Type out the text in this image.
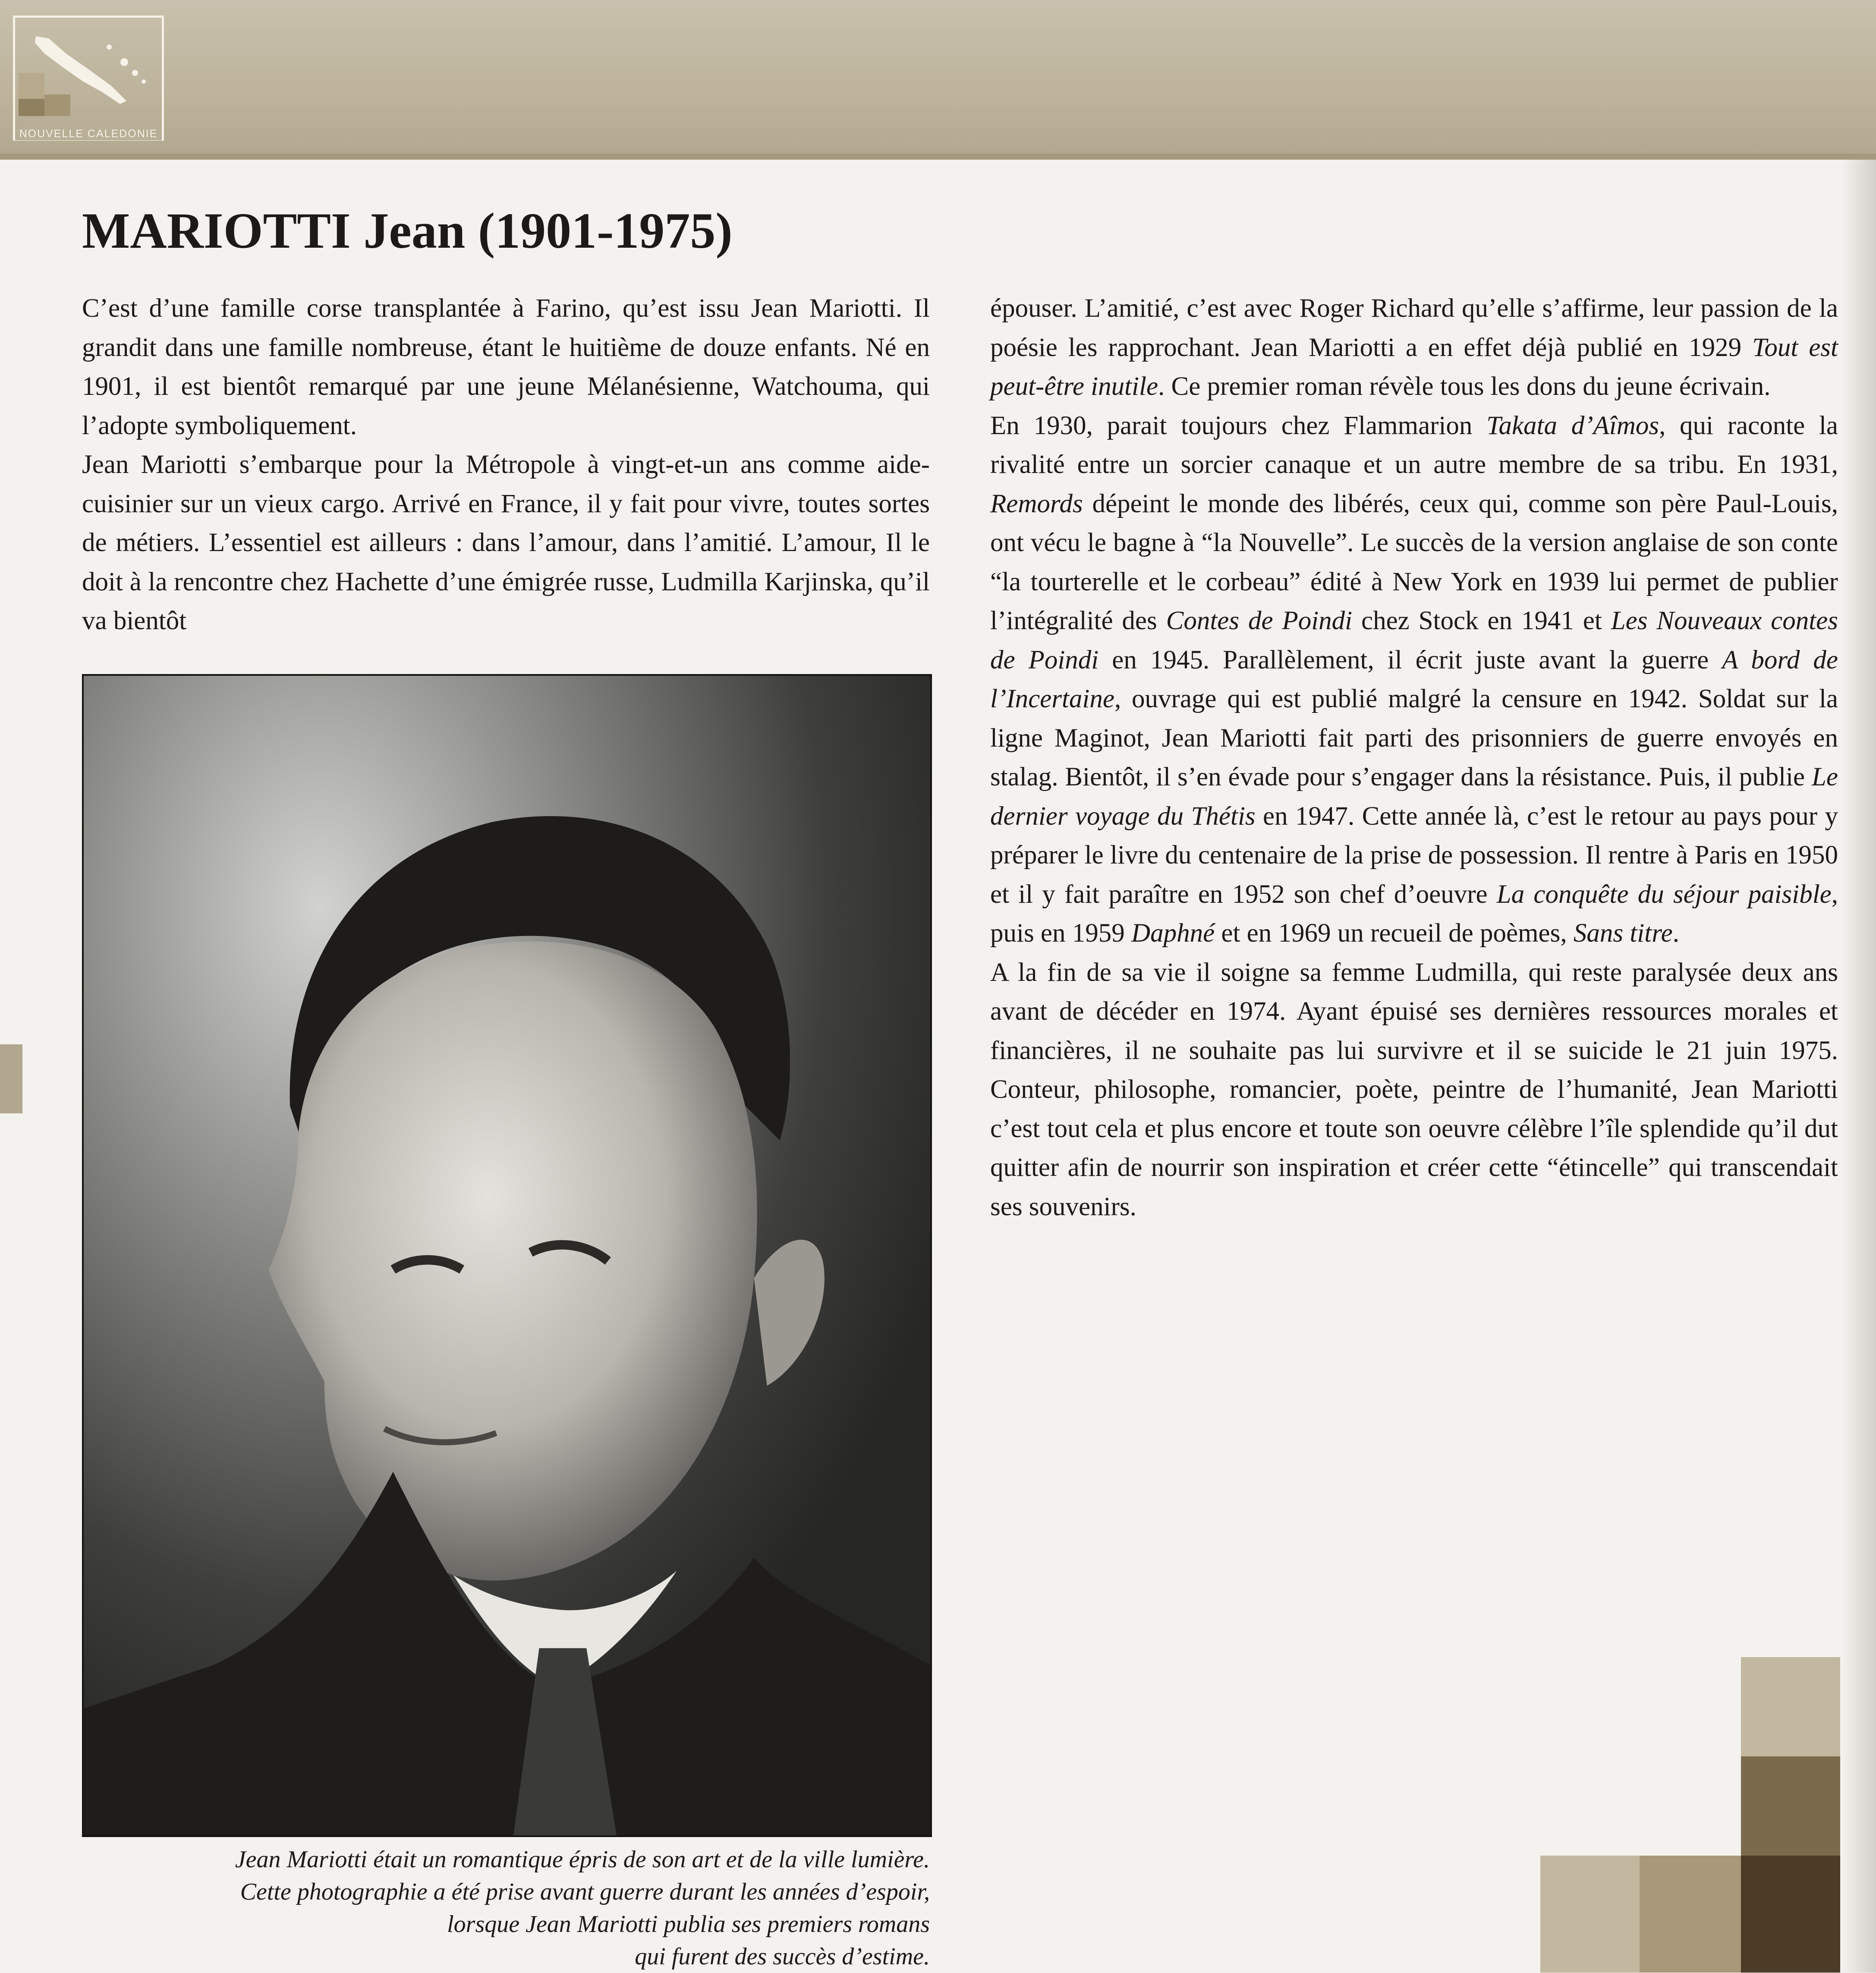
NOUVELLE CALEDONIE
MARIOTTI Jean (1901-1975)

C’est d’une famille corse transplantée à Farino, qu’est issu Jean Mariotti. Il grandit dans une famille nombreuse, étant le huitième de douze enfants. Né en 1901, il est bientôt remarqué par une jeune Mélanésienne, Watchouma, qui l’adopte symboliquement.

Jean Mariotti s’embarque pour la Métropole à vingt-et-un ans comme aide-cuisinier sur un vieux cargo. Arrivé en France, il y fait pour vivre, toutes sortes de métiers. L’essentiel est ailleurs : dans l’amour, dans l’amitié. L’amour, Il le doit à la rencontre chez Hachette d’une émigrée russe, Ludmilla Karjinska, qu’il va bientôt

Jean Mariotti était un romantique épris de son art et de la ville lumière.
Cette photographie a été prise avant guerre durant les années d’espoir,
lorsque Jean Mariotti publia ses premiers romans
qui furent des succès d’estime.

épouser. L’amitié, c’est avec Roger Richard qu’elle s’affirme, leur passion de la poésie les rapprochant. Jean Mariotti a en effet déjà publié en 1929 Tout est peut-être inutile. Ce premier roman révèle tous les dons du jeune écrivain.

En 1930, parait toujours chez Flammarion Takata d’Aîmos, qui raconte la rivalité entre un sorcier canaque et un autre membre de sa tribu. En 1931, Remords dépeint le monde des libérés, ceux qui, comme son père Paul-Louis, ont vécu le bagne à “la Nouvelle”. Le succès de la version anglaise de son conte “la tourterelle et le corbeau” édité à New York en 1939 lui permet de publier l’intégralité des Contes de Poindi chez Stock en 1941 et Les Nouveaux contes de Poindi en 1945. Parallèlement, il écrit juste avant la guerre A bord de l’Incertaine, ouvrage qui est publié malgré la censure en 1942. Soldat sur la ligne Maginot, Jean Mariotti fait parti des prisonniers de guerre envoyés en stalag. Bientôt, il s’en évade pour s’engager dans la résistance. Puis, il publie Le dernier voyage du Thétis en 1947. Cette année là, c’est le retour au pays pour y préparer le livre du centenaire de la prise de possession. Il rentre à Paris en 1950 et il y fait paraître en 1952 son chef d’oeuvre La conquête du séjour paisible, puis en 1959 Daphné et en 1969 un recueil de poèmes, Sans titre.

A la fin de sa vie il soigne sa femme Ludmilla, qui reste paralysée deux ans avant de décéder en 1974. Ayant épuisé ses dernières ressources morales et financières, il ne souhaite pas lui survivre et il se suicide le 21 juin 1975. Conteur, philosophe, romancier, poète, peintre de l’humanité, Jean Mariotti c’est tout cela et plus encore et toute son oeuvre célèbre l’île splendide qu’il dut quitter afin de nourrir son inspiration et créer cette “étincelle” qui transcendait ses souvenirs.
